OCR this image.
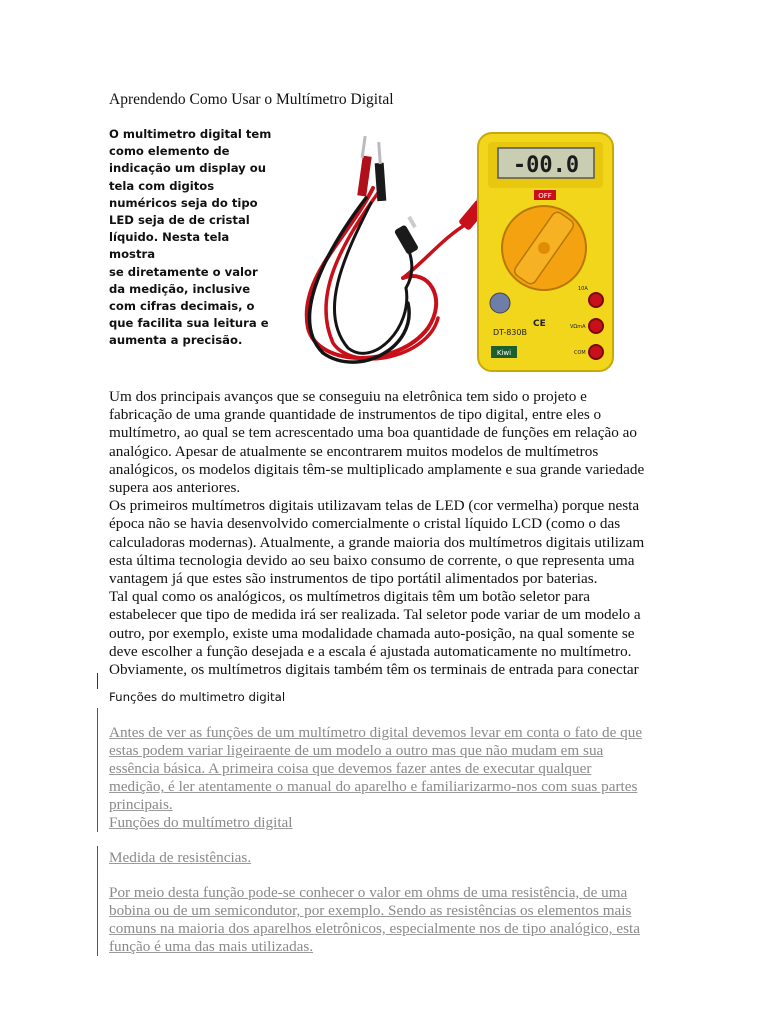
Aprendendo Como Usar o Multímetro Digital
O multimetro digital tem
como elemento de
indicação um display ou
tela com digitos
numéricos seja do tipo
LED seja de de cristal
líquido. Nesta tela
mostra
se diretamente o valor
da medição, inclusive
com cifras decimais, o
que facilita sua leitura e
aumenta a precisão.
-00.0
OFF
DT-830B
CE
Kiwi
10A
VΩmA
COM

Um dos principais avanços que se conseguiu na eletrônica tem sido o projeto e
fabricação de uma grande quantidade de instrumentos de tipo digital, entre eles o
multímetro, ao qual se tem acrescentado uma boa quantidade de funções em relação ao
analógico. Apesar de atualmente se encontrarem muitos modelos de multímetros
analógicos, os modelos digitais têm-se multiplicado amplamente e sua grande variedade
supera aos anteriores.

Os primeiros multímetros digitais utilizavam telas de LED (cor vermelha) porque nesta
época não se havia desenvolvido comercialmente o cristal líquido LCD (como o das
calculadoras modernas). Atualmente, a grande maioria dos multímetros digitais utilizam
esta última tecnologia devido ao seu baixo consumo de corrente, o que representa uma
vantagem já que estes são instrumentos de tipo portátil alimentados por baterias.

Tal qual como os analógicos, os multímetros digitais têm um botão seletor para
estabelecer que tipo de medida irá ser realizada. Tal seletor pode variar de um modelo a
outro, por exemplo, existe uma modalidade chamada auto-posição, na qual somente se
deve escolher a função desejada e a escala é ajustada automaticamente no multímetro.
Obviamente, os multímetros digitais também têm os terminais de entrada para conectar

Funções do multimetro digital
Antes de ver as funções de um multímetro digital devemos levar em conta o fato de que
estas podem variar ligeiraente de um modelo a outro mas que não mudam em sua
essência básica. A primeira coisa que devemos fazer antes de executar qualquer
medição, é ler atentamente o manual do aparelho e familiarizarmo-nos com suas partes
principais.
Funções do multímetro digital
Medida de resistências.
Por meio desta função pode-se conhecer o valor em ohms de uma resistência, de uma
bobina ou de um semicondutor, por exemplo. Sendo as resistências os elementos mais
comuns na maioria dos aparelhos eletrônicos, especialmente nos de tipo analógico, esta
função é uma das mais utilizadas.
